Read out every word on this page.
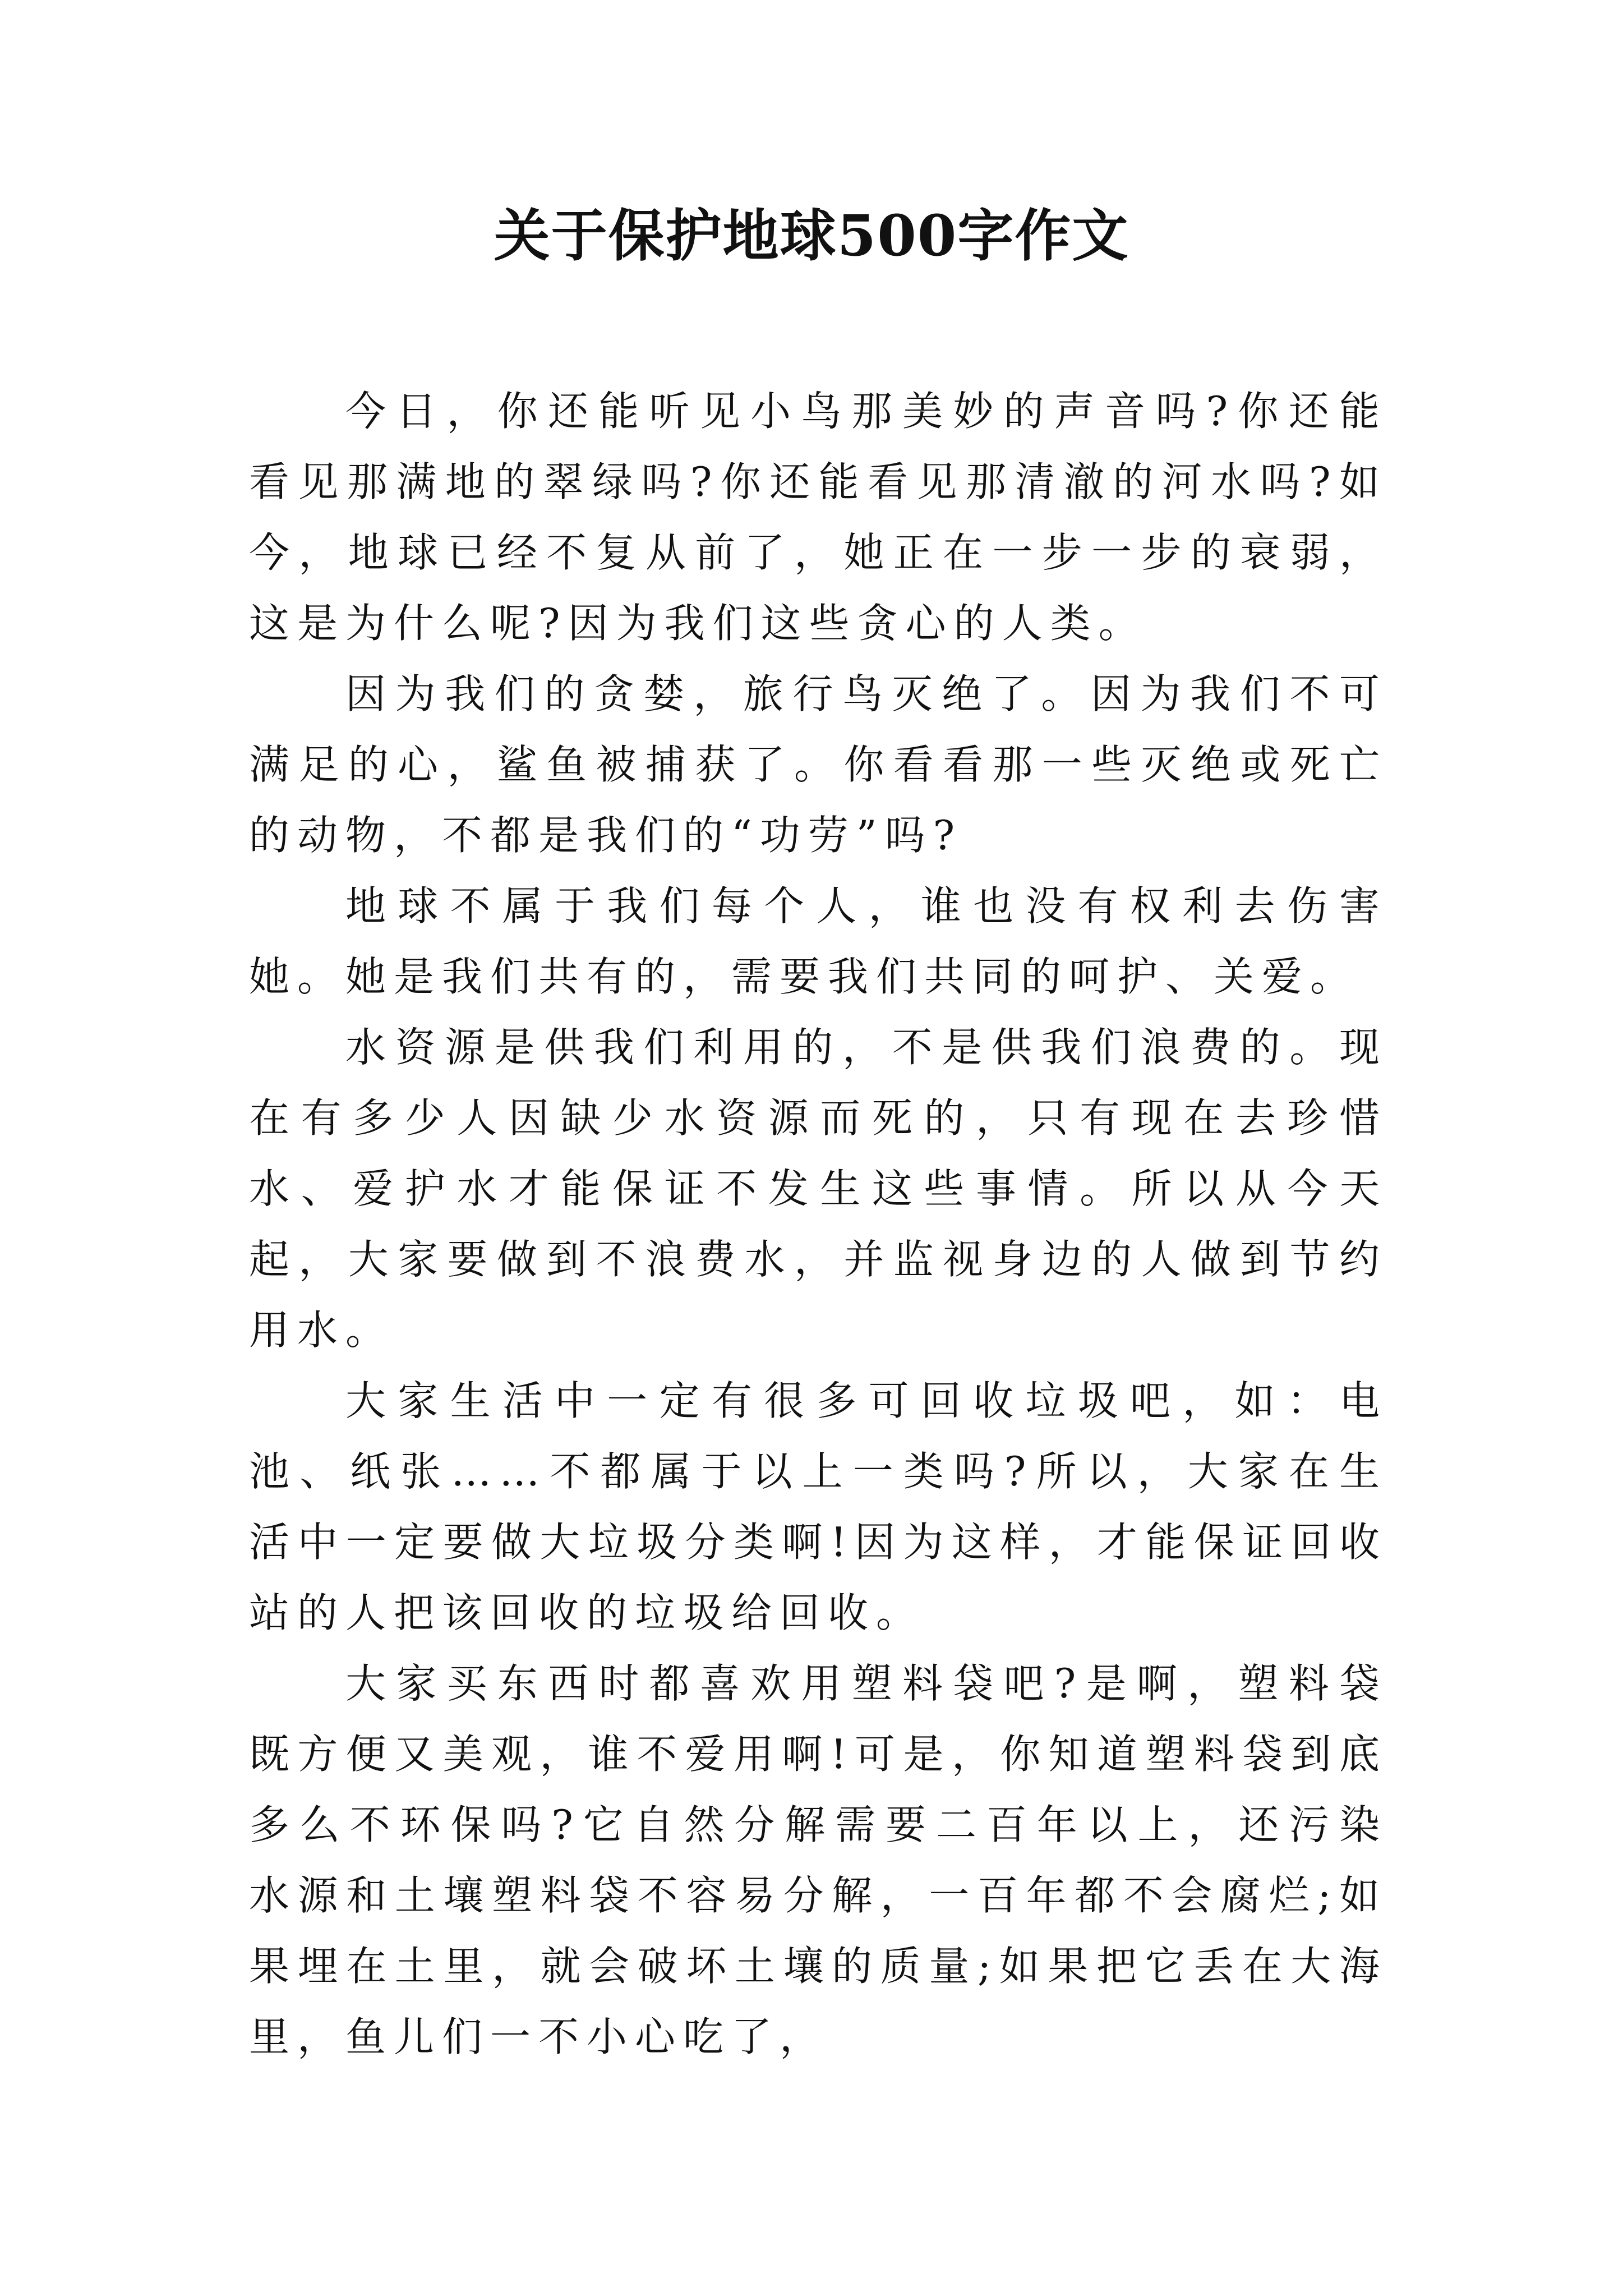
关于保护地球500字作文

今日，你还能听见小鸟那美妙的声音吗?你还能看见那满地的翠绿吗?你还能看见那清澈的河水吗?如今，地球已经不复从前了，她正在一步一步的衰弱，这是为什么呢?因为我们这些贪心的人类。

因为我们的贪婪，旅行鸟灭绝了。因为我们不可满足的心，鲨鱼被捕获了。你看看那一些灭绝或死亡的动物，不都是我们的“功劳”吗?

地球不属于我们每个人，谁也没有权利去伤害她。她是我们共有的，需要我们共同的呵护、关爱。

水资源是供我们利用的，不是供我们浪费的。现在有多少人因缺少水资源而死的，只有现在去珍惜水、爱护水才能保证不发生这些事情。所以从今天起，大家要做到不浪费水，并监视身边的人做到节约用水。

大家生活中一定有很多可回收垃圾吧，如：电池、纸张……不都属于以上一类吗?所以，大家在生活中一定要做大垃圾分类啊!因为这样，才能保证回收站的人把该回收的垃圾给回收。

大家买东西时都喜欢用塑料袋吧?是啊，塑料袋既方便又美观，谁不爱用啊!可是，你知道塑料袋到底多么不环保吗?它自然分解需要二百年以上，还污染水源和土壤塑料袋不容易分解，一百年都不会腐烂;如果埋在土里，就会破坏土壤的质量;如果把它丢在大海里，鱼儿们一不小心吃了，
